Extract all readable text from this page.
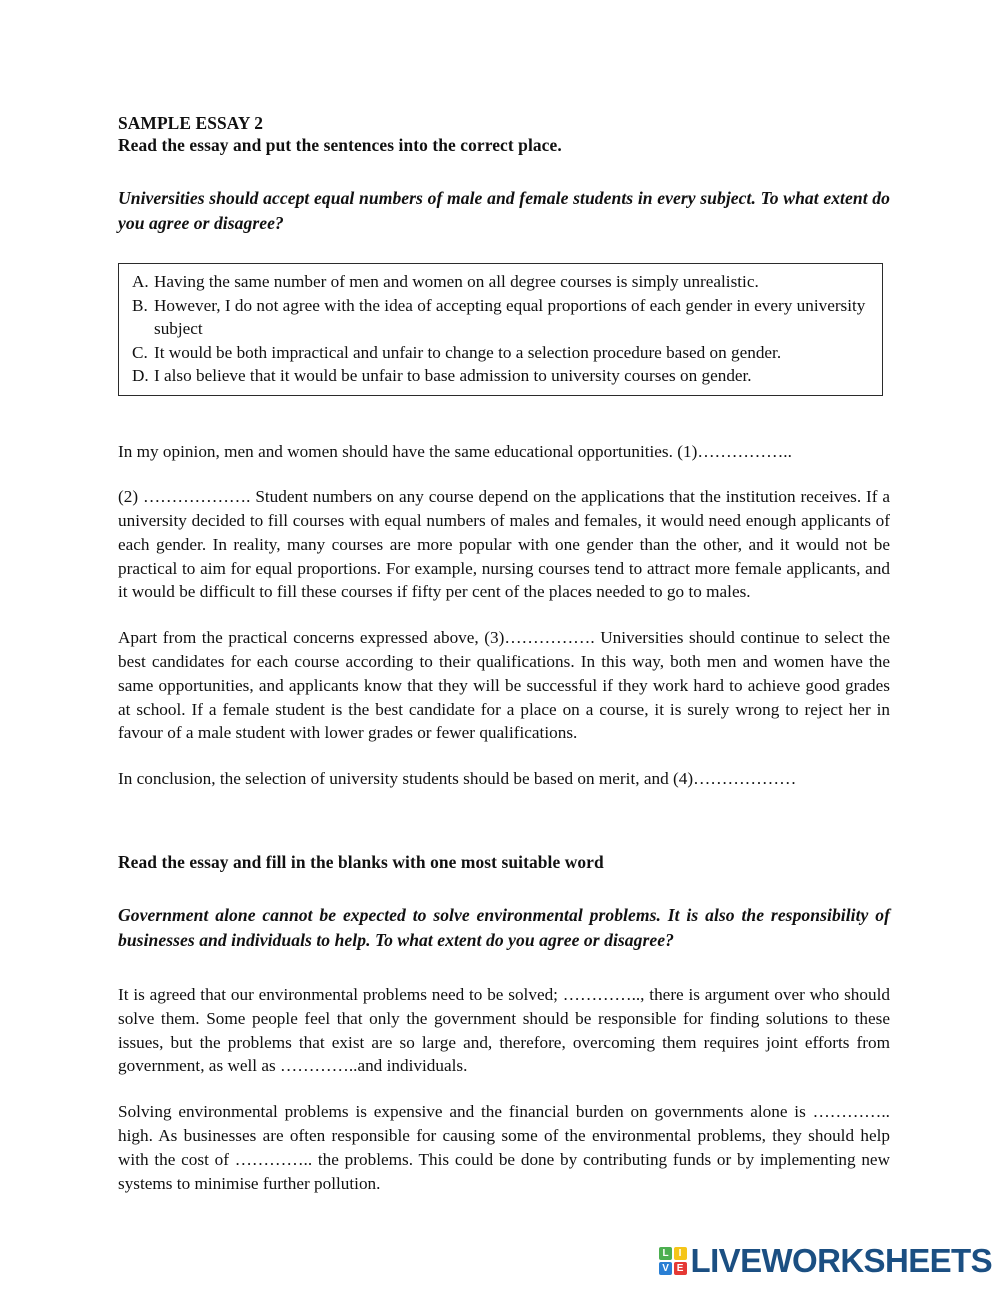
SAMPLE ESSAY 2
Read the essay and put the sentences into the correct place.
Universities should accept equal numbers of male and female students in every subject. To what extent do you agree or disagree?
A. Having the same number of men and women on all degree courses is simply unrealistic.
B. However, I do not agree with the idea of accepting equal proportions of each gender in every university subject
C. It would be both impractical and unfair to change to a selection procedure based on gender.
D. I also believe that it would be unfair to base admission to university courses on gender.

In my opinion, men and women should have the same educational opportunities. (1)……………..

(2) ………………. Student numbers on any course depend on the applications that the institution receives. If a university decided to fill courses with equal numbers of males and females, it would need enough applicants of each gender. In reality, many courses are more popular with one gender than the other, and it would not be practical to aim for equal proportions. For example, nursing courses tend to attract more female applicants, and it would be difficult to fill these courses if fifty per cent of the places needed to go to males.

Apart from the practical concerns expressed above, (3)……………. Universities should continue to select the best candidates for each course according to their qualifications. In this way, both men and women have the same opportunities, and applicants know that they will be successful if they work hard to achieve good grades at school. If a female student is the best candidate for a place on a course, it is surely wrong to reject her in favour of a male student with lower grades or fewer qualifications.

In conclusion, the selection of university students should be based on merit, and (4)………………

Read the essay and fill in the blanks with one most suitable word
Government alone cannot be expected to solve environmental problems. It is also the responsibility of businesses and individuals to help. To what extent do you agree or disagree?

It is agreed that our environmental problems need to be solved; ………….., there is argument over who should solve them. Some people feel that only the government should be responsible for finding solutions to these issues, but the problems that exist are so large and, therefore, overcoming them requires joint efforts from government, as well as …………..and individuals.

Solving environmental problems is expensive and the financial burden on governments alone is ………….. high. As businesses are often responsible for causing some of the environmental problems, they should help with the cost of ………….. the problems. This could be done by contributing funds or by implementing new systems to minimise further pollution.

L	I
V E LIVEWORKSHEETS
